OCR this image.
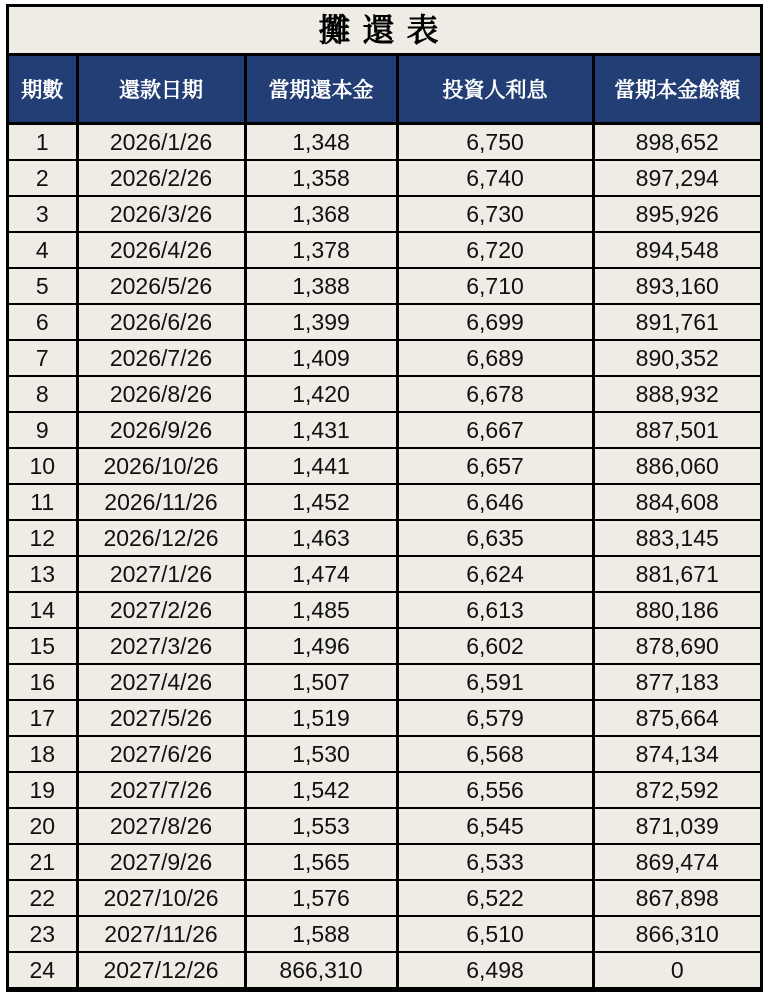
攤還表
期數	還款日期	當期還本金	投資人利息	當期本金餘額
1	2026/1/26	1,348	6,750	898,652
2	2026/2/26	1,358	6,740	897,294
3	2026/3/26	1,368	6,730	895,926
4	2026/4/26	1,378	6,720	894,548
5	2026/5/26	1,388	6,710	893,160
6	2026/6/26	1,399	6,699	891,761
7	2026/7/26	1,409	6,689	890,352
8	2026/8/26	1,420	6,678	888,932
9	2026/9/26	1,431	6,667	887,501
10	2026/10/26	1,441	6,657	886,060
11	2026/11/26	1,452	6,646	884,608
12	2026/12/26	1,463	6,635	883,145
13	2027/1/26	1,474	6,624	881,671
14	2027/2/26	1,485	6,613	880,186
15	2027/3/26	1,496	6,602	878,690
16	2027/4/26	1,507	6,591	877,183
17	2027/5/26	1,519	6,579	875,664
18	2027/6/26	1,530	6,568	874,134
19	2027/7/26	1,542	6,556	872,592
20	2027/8/26	1,553	6,545	871,039
21	2027/9/26	1,565	6,533	869,474
22	2027/10/26	1,576	6,522	867,898
23	2027/11/26	1,588	6,510	866,310
24	2027/12/26	866,310	6,498	0
